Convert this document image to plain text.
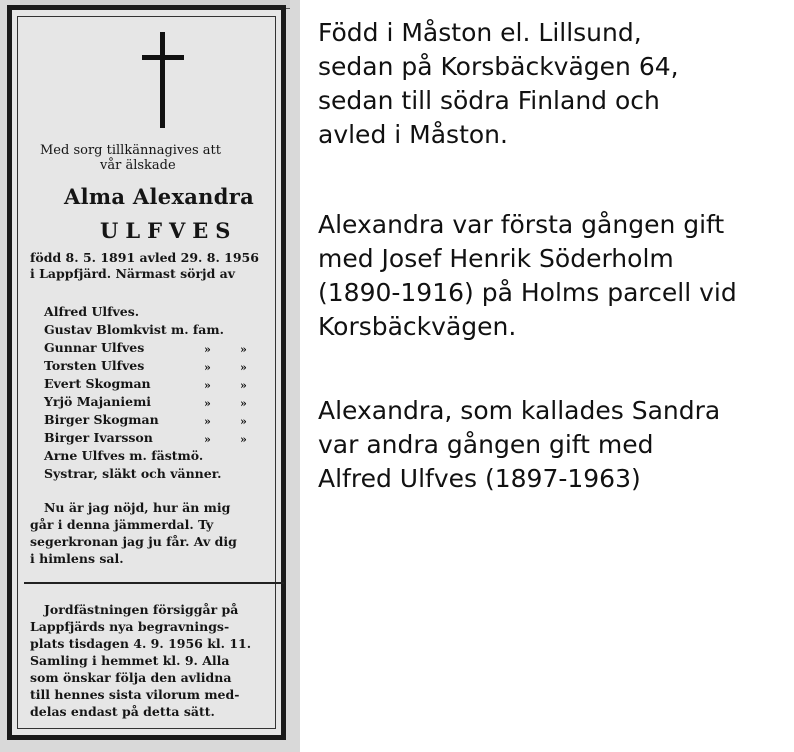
Med sorg tillkännagives att
vår älskade
Alma Alexandra
ULFVES
född 8. 5. 1891 avled 29. 8. 1956
i Lappfjärd. Närmast sörjd av
Alfred Ulfves.
Gustav Blomkvist m. fam.
Gunnar Ulfves	»	»
Torsten Ulfves	»	»
Evert Skogman	»	»
Yrjö Majaniemi	»	»
Birger Skogman	»	»
Birger Ivarsson	»	»
Arne Ulfves m. fästmö.
Systrar, släkt och vänner.
Nu är jag nöjd, hur än mig
går i denna jämmerdal. Ty
segerkronan jag ju får. Av dig
i himlens sal.
Jordfästningen försiggår på
Lappfjärds nya begravnings-
plats tisdagen 4. 9. 1956 kl. 11.
Samling i hemmet kl. 9. Alla
som önskar följa den avlidna
till hennes sista vilorum med-
delas endast på detta sätt.

Född i Måston el. Lillsund,
sedan på Korsbäckvägen 64,
sedan till södra Finland och
avled i Måston.

Alexandra var första gången gift
med Josef Henrik Söderholm
(1890-1916) på Holms parcell vid
Korsbäckvägen.

Alexandra, som kallades Sandra
var andra gången gift med
Alfred Ulfves (1897-1963)
